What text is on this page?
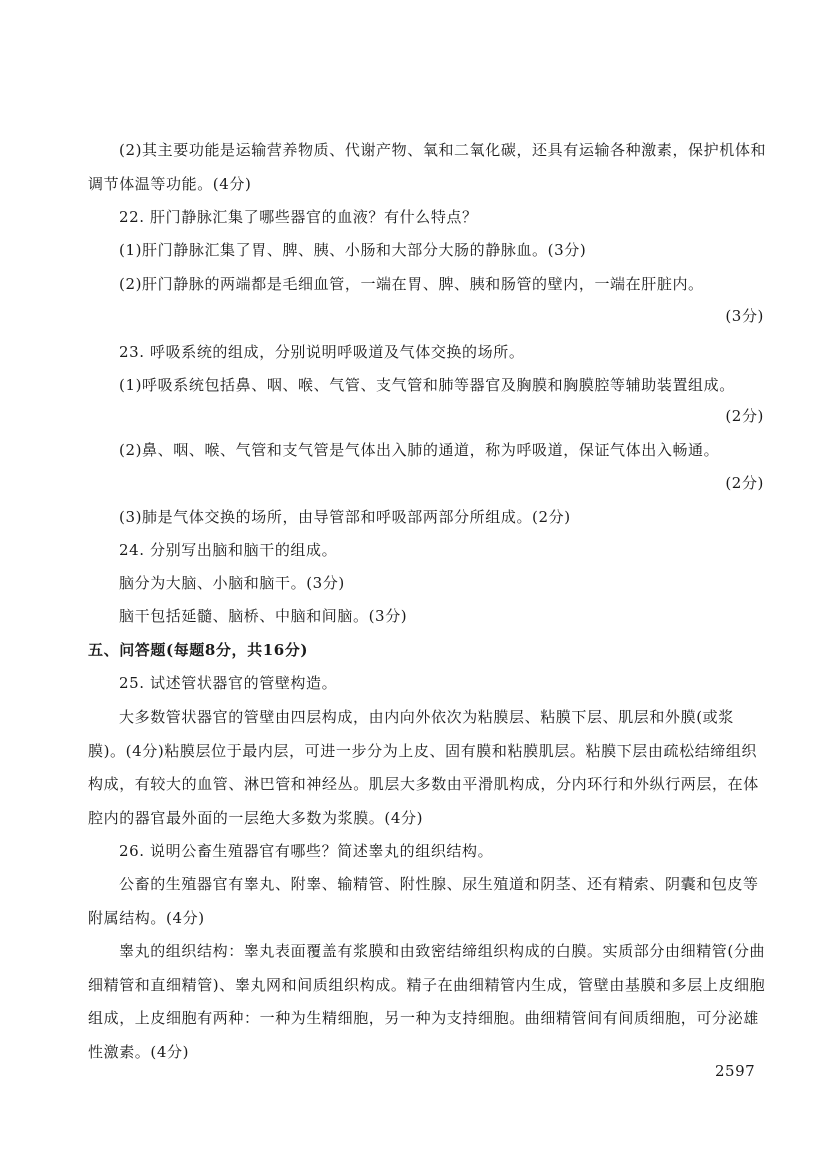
(2)其主要功能是运输营养物质、代谢产物、氧和二氧化碳，还具有运输各种激素，保护机体和调节体温等功能。(4分)

22. 肝门静脉汇集了哪些器官的血液？有什么特点？

(1)肝门静脉汇集了胃、脾、胰、小肠和大部分大肠的静脉血。(3分)

(2)肝门静脉的两端都是毛细血管，一端在胃、脾、胰和肠管的壁内，一端在肝脏内。

(3分)

23. 呼吸系统的组成，分别说明呼吸道及气体交换的场所。

(1)呼吸系统包括鼻、咽、喉、气管、支气管和肺等器官及胸膜和胸膜腔等辅助装置组成。

(2分)

(2)鼻、咽、喉、气管和支气管是气体出入肺的通道，称为呼吸道，保证气体出入畅通。

(2分)

(3)肺是气体交换的场所，由导管部和呼吸部两部分所组成。(2分)

24. 分别写出脑和脑干的组成。

脑分为大脑、小脑和脑干。(3分)

脑干包括延髓、脑桥、中脑和间脑。(3分)

五、问答题(每题8分，共16分)

25. 试述管状器官的管壁构造。

大多数管状器官的管壁由四层构成，由内向外依次为粘膜层、粘膜下层、肌层和外膜(或浆膜)。(4分)粘膜层位于最内层，可进一步分为上皮、固有膜和粘膜肌层。粘膜下层由疏松结缔组织构成，有较大的血管、淋巴管和神经丛。肌层大多数由平滑肌构成，分内环行和外纵行两层，在体腔内的器官最外面的一层绝大多数为浆膜。(4分)

26. 说明公畜生殖器官有哪些？简述睾丸的组织结构。

公畜的生殖器官有睾丸、附睾、输精管、附性腺、尿生殖道和阴茎、还有精索、阴囊和包皮等附属结构。(4分)

睾丸的组织结构：睾丸表面覆盖有浆膜和由致密结缔组织构成的白膜。实质部分由细精管(分曲细精管和直细精管)、睾丸网和间质组织构成。精子在曲细精管内生成，管壁由基膜和多层上皮细胞组成，上皮细胞有两种：一种为生精细胞，另一种为支持细胞。曲细精管间有间质细胞，可分泌雄性激素。(4分)

2597
